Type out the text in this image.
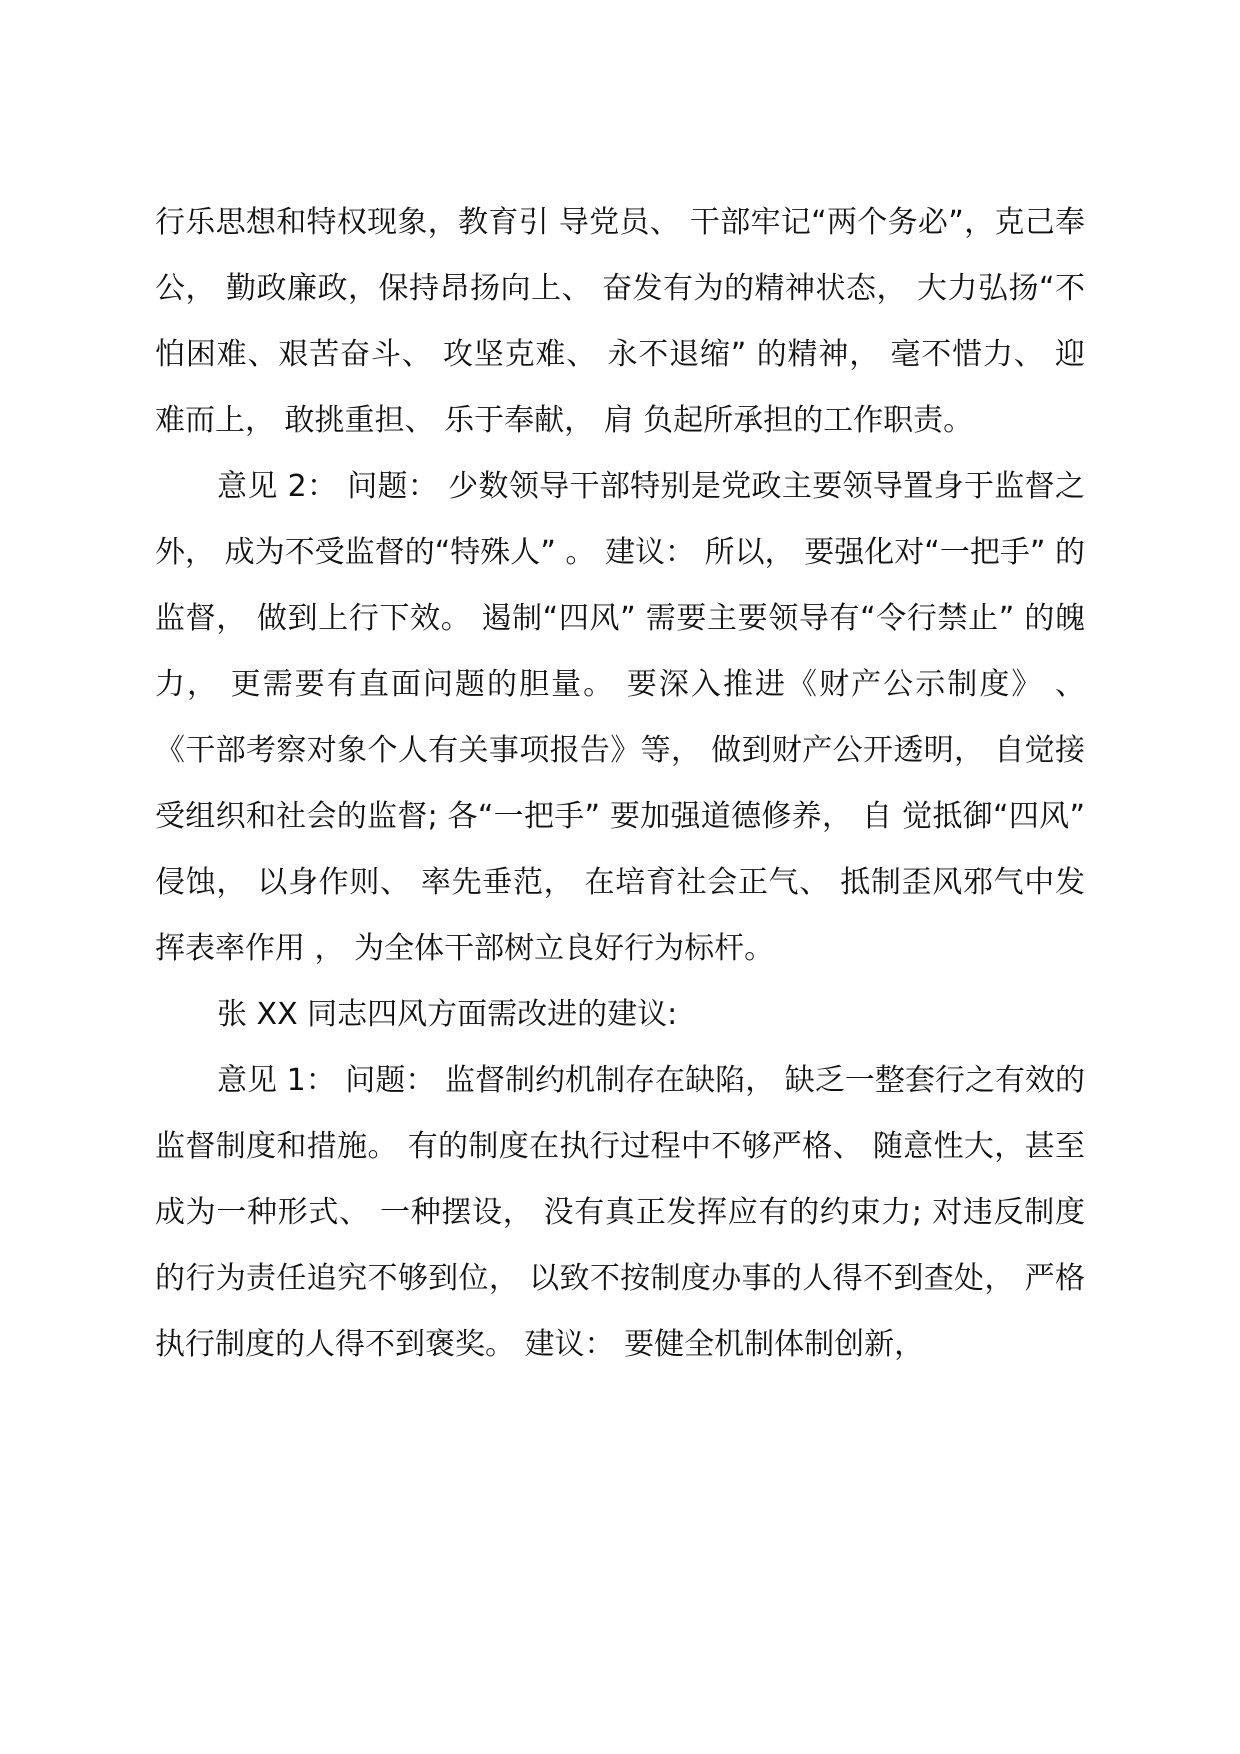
行乐思想和特权现象，教育引 导党员、 干部牢记“两个务必”，克己奉公， 勤政廉政，保持昂扬向上、 奋发有为的精神状态， 大力弘扬“不怕困难、艰苦奋斗、 攻坚克难、 永不退缩” 的精神， 毫不惜力、 迎难而上， 敢挑重担、 乐于奉献， 肩 负起所承担的工作职责。

意见 2： 问题： 少数领导干部特别是党政主要领导置身于监督之外， 成为不受监督的“特殊人” 。 建议： 所以， 要强化对“一把手” 的监督， 做到上行下效。 遏制“四风” 需要主要领导有“令行禁止” 的魄力， 更需要有直面问题的胆量。 要深入推进《财产公示制度》 、 《干部考察对象个人有关事项报告》等， 做到财产公开透明， 自觉接受组织和社会的监督; 各“一把手” 要加强道德修养， 自 觉抵御“四风” 侵蚀， 以身作则、 率先垂范， 在培育社会正气、 抵制歪风邪气中发挥表率作用 ， 为全体干部树立良好行为标杆。

张 XX 同志四风方面需改进的建议:

意见 1： 问题： 监督制约机制存在缺陷， 缺乏一整套行之有效的监督制度和措施。 有的制度在执行过程中不够严格、 随意性大，甚至成为一种形式、 一种摆设， 没有真正发挥应有的约束力; 对违反制度的行为责任追究不够到位， 以致不按制度办事的人得不到查处， 严格执行制度的人得不到褒奖。 建议： 要健全机制体制创新，
